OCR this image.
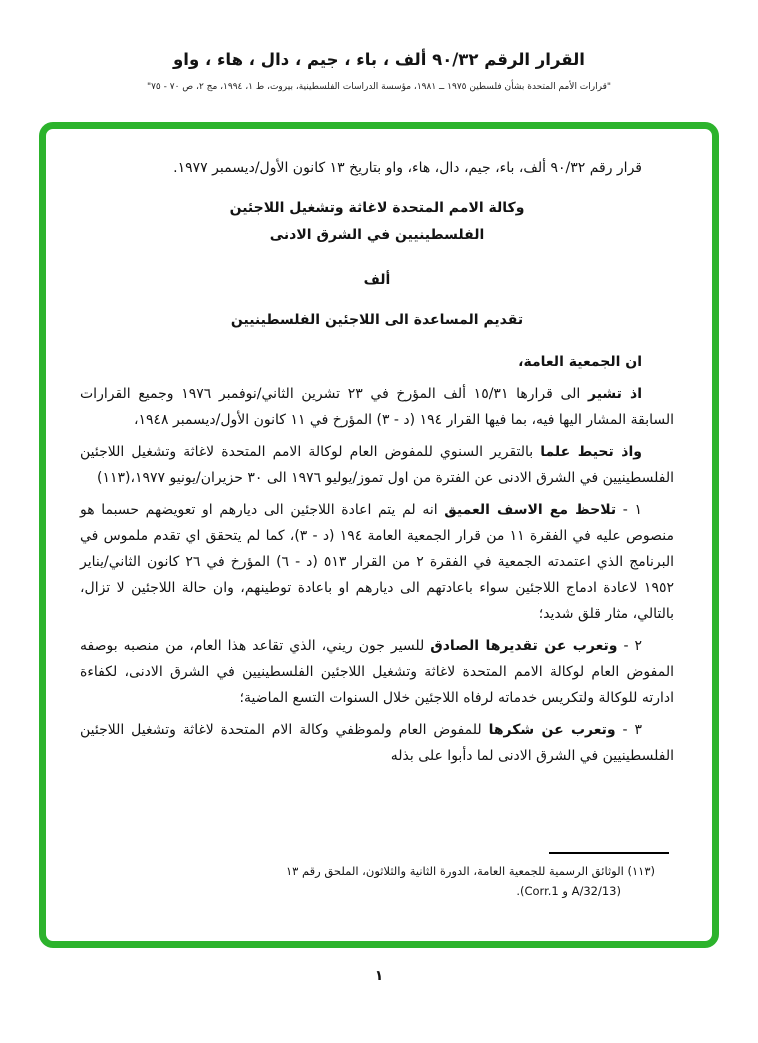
القرار الرقم ٩٠/٣٢ ألف ، باء ، جيم ، دال ، هاء ، واو
"قرارات الأمم المتحدة بشأن فلسطين ١٩٧٥ ــ ١٩٨١، مؤسسة الدراسات الفلسطينية، بيروت، ط ١، ١٩٩٤، مج ٢، ص ٧٠ - ٧٥"

قرار رقم ٩٠/٣٢ ألف، باء، جيم، دال، هاء، واو بتاريخ ١٣ كانون الأول/ديسمبر ١٩٧٧.

وكالة الامم المتحدة لاغاثة وتشغيل اللاجئين
الفلسطينيين في الشرق الادنى
ألف
تقديم المساعدة الى اللاجئين الفلسطينيين

ان الجمعية العامة،

اذ تشير الى قرارها ١٥/٣١ ألف المؤرخ في ٢٣ تشرين الثاني/نوفمبر ١٩٧٦ وجميع القرارات السابقة المشار اليها فيه، بما فيها القرار ١٩٤ (د - ٣) المؤرخ في ١١ كانون الأول/ديسمبر ١٩٤٨،

واذ تحيط علما بالتقرير السنوي للمفوض العام لوكالة الامم المتحدة لاغاثة وتشغيل اللاجئين الفلسطينيين في الشرق الادنى عن الفترة من اول تموز/يوليو ١٩٧٦ الى ٣٠ حزيران/يونيو ١٩٧٧،(١١٣)

١ - تلاحظ مع الاسف العميق انه لم يتم اعادة اللاجئين الى ديارهم او تعويضهم حسبما هو منصوص عليه في الفقرة ١١ من قرار الجمعية العامة ١٩٤ (د - ٣)، كما لم يتحقق اي تقدم ملموس في البرنامج الذي اعتمدته الجمعية في الفقرة ٢ من القرار ٥١٣ (د - ٦) المؤرخ في ٢٦ كانون الثاني/يناير ١٩٥٢ لاعادة ادماج اللاجئين سواء باعادتهم الى ديارهم او باعادة توطينهم، وان حالة اللاجئين لا تزال، بالتالي، مثار قلق شديد؛

٢ - وتعرب عن تقديرها الصادق للسير جون ريني، الذي تقاعد هذا العام، من منصبه بوصفه المفوض العام لوكالة الامم المتحدة لاغاثة وتشغيل اللاجئين الفلسطينيين في الشرق الادنى، لكفاءة ادارته للوكالة ولتكريس خدماته لرفاه اللاجئين خلال السنوات التسع الماضية؛

٣ - وتعرب عن شكرها للمفوض العام ولموظفي وكالة الام المتحدة لاغاثة وتشغيل اللاجئين الفلسطينيين في الشرق الادنى لما دأبوا على بذله

(١١٣) الوثائق الرسمية للجمعية العامة، الدورة الثانية والثلاثون، الملحق رقم ١٣
(A/32/13 و Corr.1).
١
